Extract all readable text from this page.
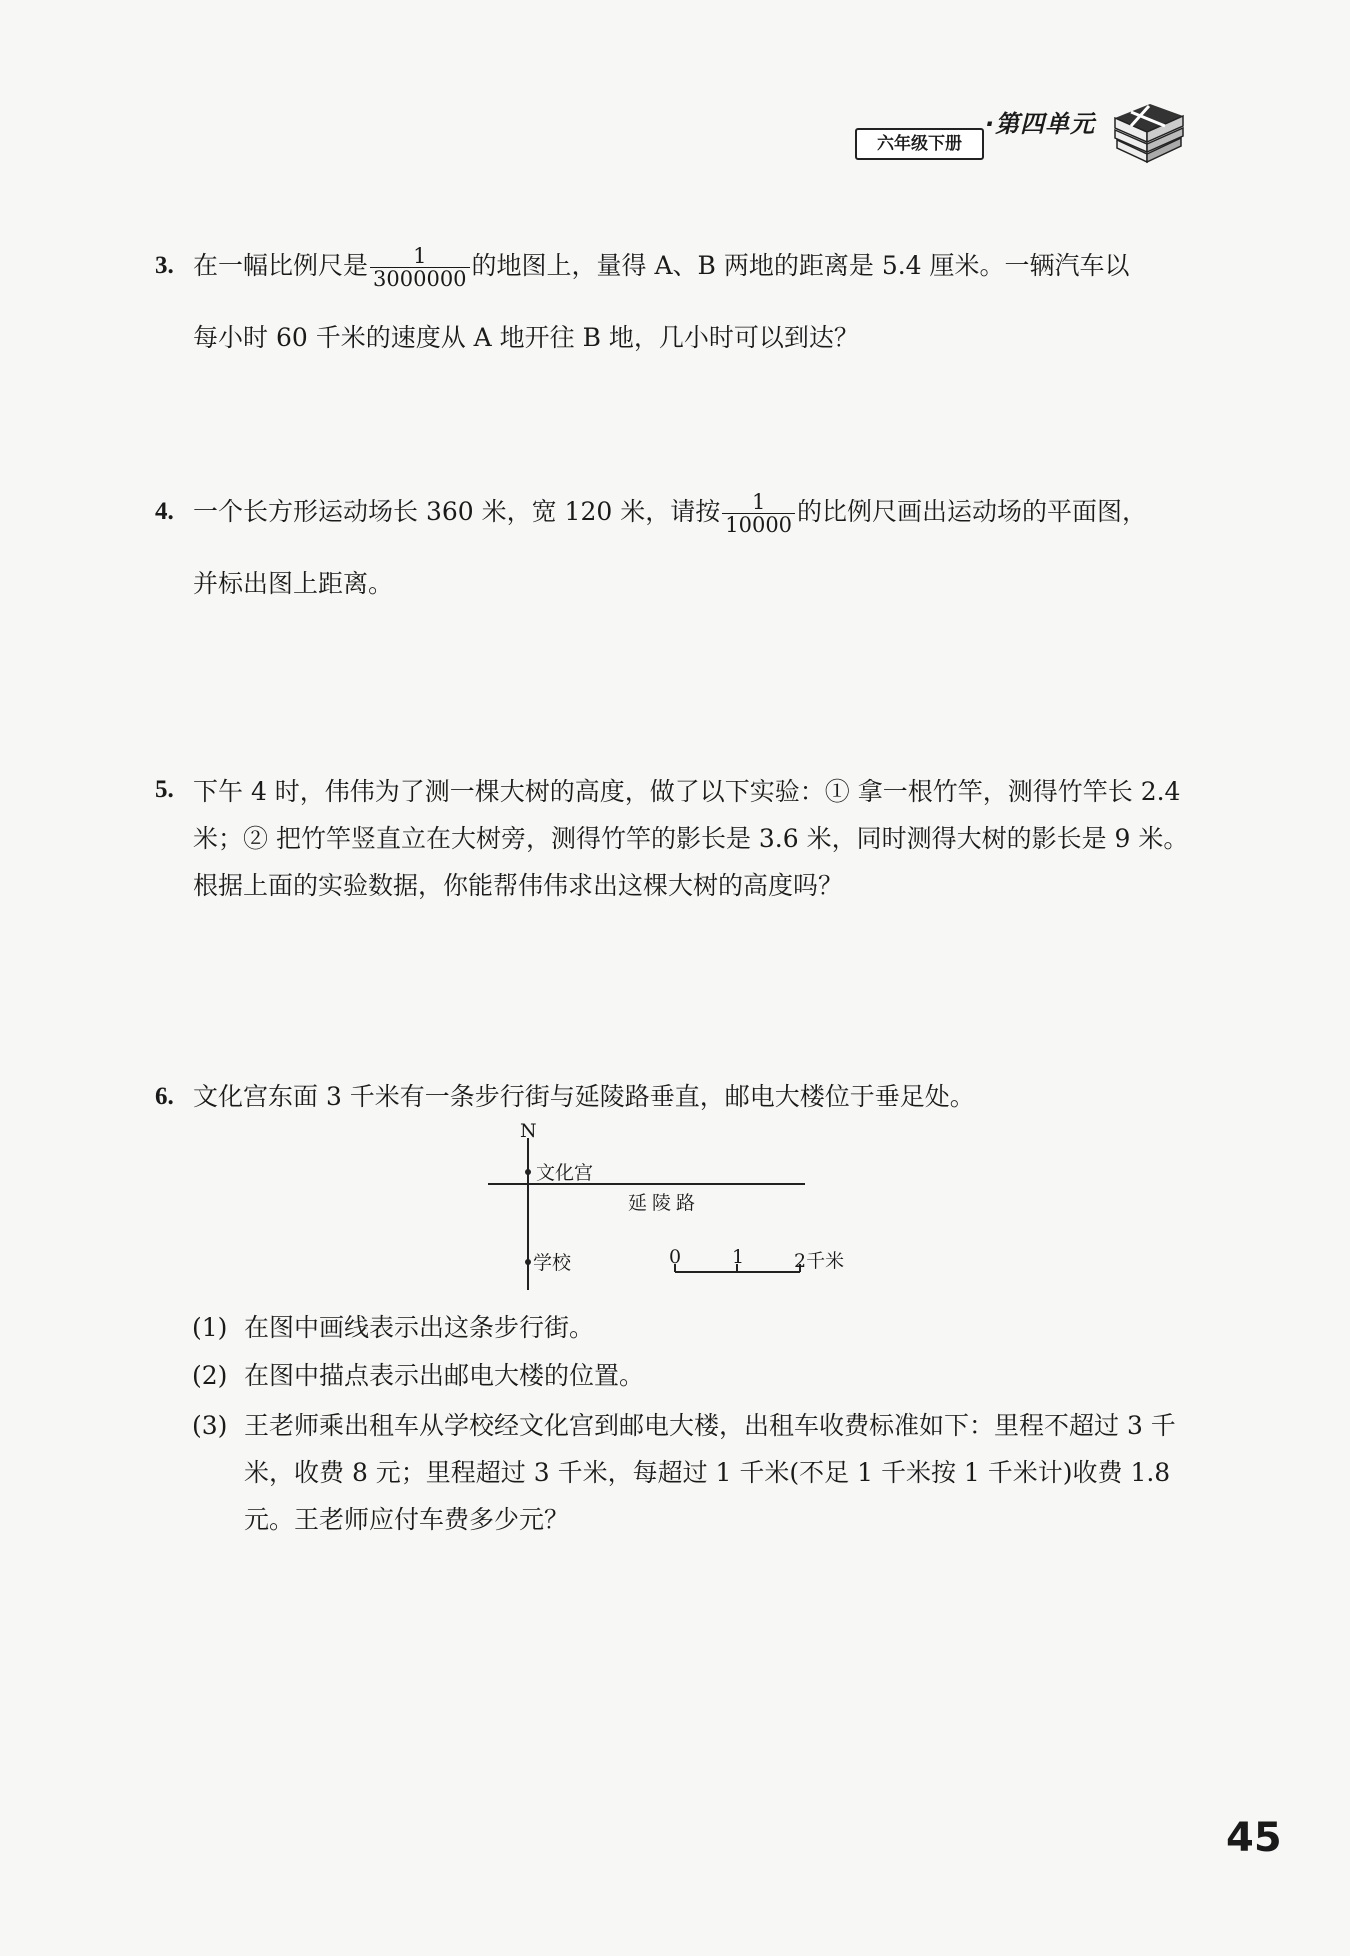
六年级下册
·第四单元
3. 在一幅比例尺是 $\frac{1}{3000000}$ 的地图上，量得 A、B 两地的距离是 5.4 厘米。一辆汽车以
每小时 60 千米的速度从 A 地开往 B 地，几小时可以到达？
4. 一个长方形运动场长 360 米，宽 120 米，请按 $\frac{1}{10000}$ 的比例尺画出运动场的平面图，
并标出图上距离。
5. 下午 4 时，伟伟为了测一棵大树的高度，做了以下实验：① 拿一根竹竿，测得竹竿长 2.4 米；② 把竹竿竖直立在大树旁，测得竹竿的影长是 3.6 米，同时测得大树的影长是 9 米。根据上面的实验数据，你能帮伟伟求出这棵大树的高度吗？
6. 文化宫东面 3 千米有一条步行街与延陵路垂直，邮电大楼位于垂足处。
N
文化宫
延陵路
学校	0	1	2千米
(1) 在图中画线表示出这条步行街。
(2) 在图中描点表示出邮电大楼的位置。
(3) 王老师乘出租车从学校经文化宫到邮电大楼，出租车收费标准如下：里程不超过 3 千米，收费 8 元；里程超过 3 千米，每超过 1 千米(不足 1 千米按 1 千米计)收费 1.8 元。王老师应付车费多少元？
45
